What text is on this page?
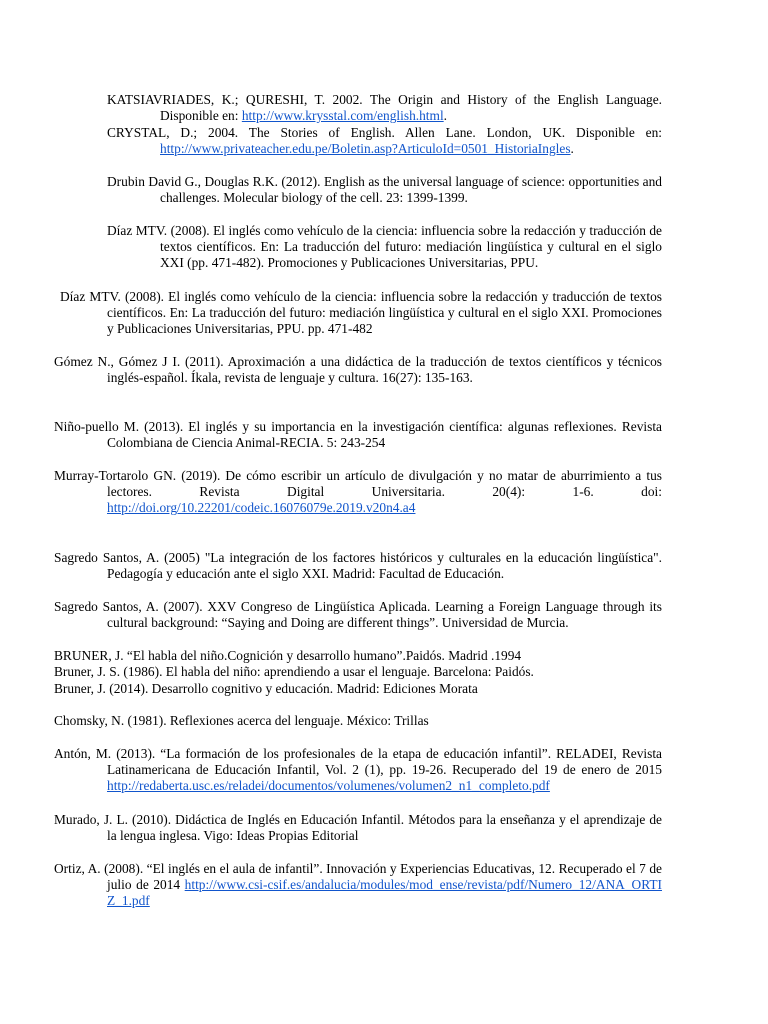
KATSIAVRIADES, K.; QURESHI, T. 2002. The Origin and History of the English Language. Disponible en: http://www.krysstal.com/english.html.

CRYSTAL, D.; 2004. The Stories of English. Allen Lane. London, UK. Disponible en: http://www.privateacher.edu.pe/Boletin.asp?ArticuloId=0501_HistoriaIngles.

Drubin David G., Douglas R.K. (2012). English as the universal language of science: opportunities and challenges. Molecular biology of the cell. 23: 1399-1399.

Díaz MTV. (2008). El inglés como vehículo de la ciencia: influencia sobre la redacción y traducción de textos científicos. En: La traducción del futuro: mediación lingüística y cultural en el siglo XXI (pp. 471-482). Promociones y Publicaciones Universitarias, PPU.

Díaz MTV. (2008). El inglés como vehículo de la ciencia: influencia sobre la redacción y traducción de textos científicos. En: La traducción del futuro: mediación lingüística y cultural en el siglo XXI. Promociones y Publicaciones Universitarias, PPU. pp. 471-482

Gómez N., Gómez J I. (2011). Aproximación a una didáctica de la traducción de textos científicos y técnicos inglés-español. Íkala, revista de lenguaje y cultura. 16(27): 135-163.

Niño-puello M. (2013). El inglés y su importancia en la investigación científica: algunas reflexiones. Revista Colombiana de Ciencia Animal-RECIA. 5: 243-254

Murray-Tortarolo GN. (2019). De cómo escribir un artículo de divulgación y no matar de aburrimiento a tus lectores. Revista Digital Universitaria. 20(4): 1-6. doi: http://doi.org/10.22201/codeic.16076079e.2019.v20n4.a4

Sagredo Santos, A. (2005) "La integración de los factores históricos y culturales en la educación lingüística". Pedagogía y educación ante el siglo XXI. Madrid: Facultad de Educación.

Sagredo Santos, A. (2007). XXV Congreso de Lingüística Aplicada. Learning a Foreign Language through its cultural background: “Saying and Doing are different things”. Universidad de Murcia.

BRUNER, J. “El habla del niño.Cognición y desarrollo humano”.Paidós. Madrid .1994

Bruner, J. S. (1986). El habla del niño: aprendiendo a usar el lenguaje. Barcelona: Paidós.

Bruner, J. (2014). Desarrollo cognitivo y educación. Madrid: Ediciones Morata

Chomsky, N. (1981). Reflexiones acerca del lenguaje. México: Trillas

Antón, M. (2013). “La formación de los profesionales de la etapa de educación infantil”. RELADEI, Revista Latinamericana de Educación Infantil, Vol. 2 (1), pp. 19-26. Recuperado del 19 de enero de 2015 http://redaberta.usc.es/reladei/documentos/volumenes/volumen2_n1_completo.pdf

Murado, J. L. (2010). Didáctica de Inglés en Educación Infantil. Métodos para la enseñanza y el aprendizaje de la lengua inglesa. Vigo: Ideas Propias Editorial

Ortiz, A. (2008). “El inglés en el aula de infantil”. Innovación y Experiencias Educativas, 12. Recuperado el 7 de julio de 2014 http://www.csi-csif.es/andalucia/modules/mod_ense/revista/pdf/Numero_12/ANA_ORTIZ_1.pdf
